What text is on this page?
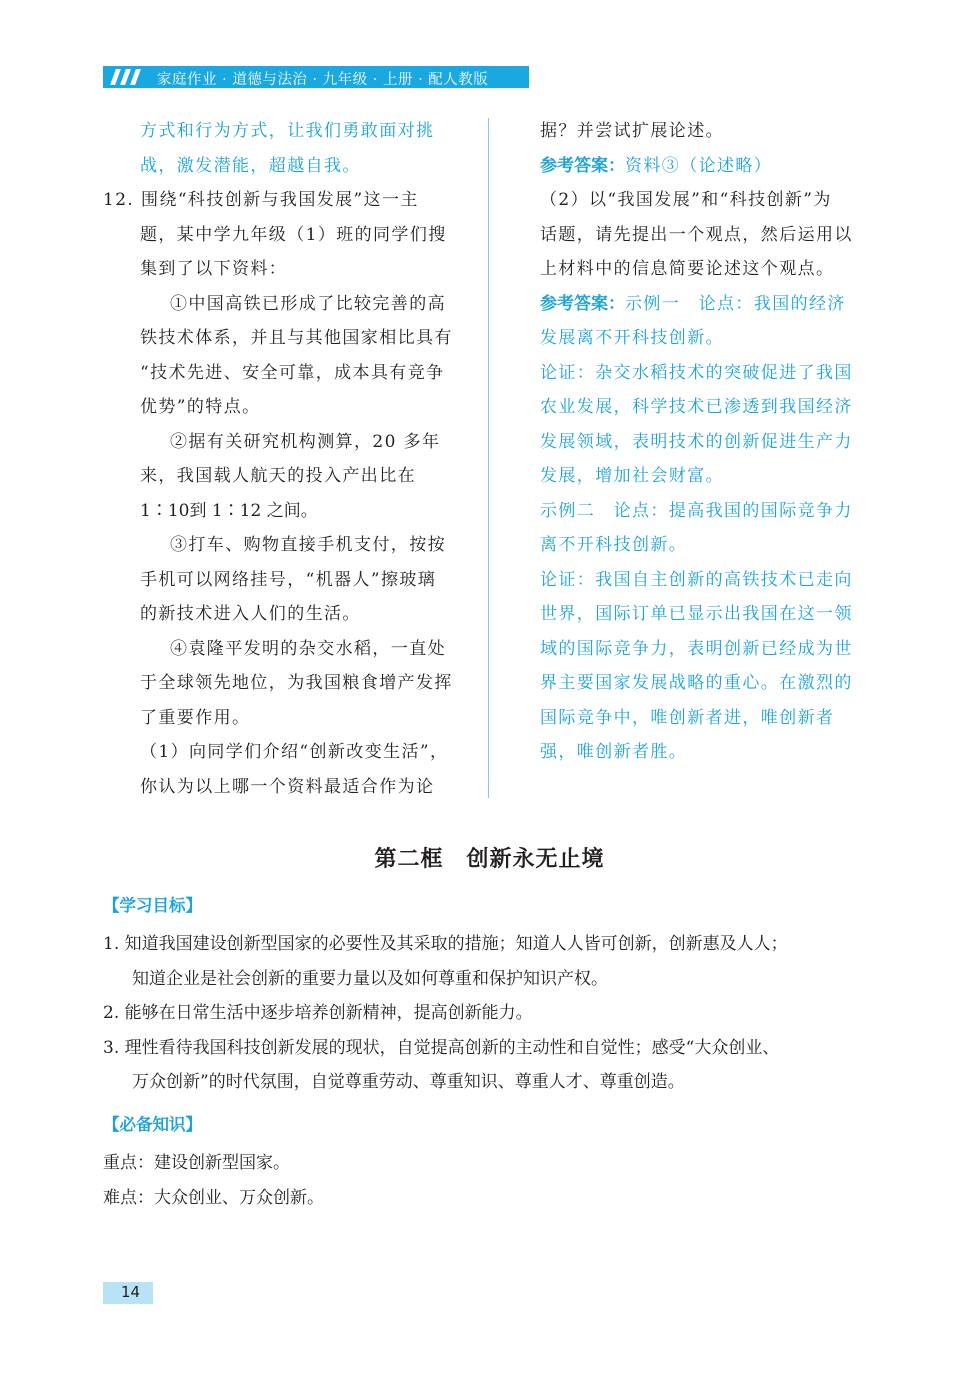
家庭作业 · 道德与法治 · 九年级 · 上册 · 配人教版
方式和行为方式，让我们勇敢面对挑
战，激发潜能，超越自我。
12. 围绕“科技创新与我国发展”这一主
题，某中学九年级（1）班的同学们搜
集到了以下资料：
①中国高铁已形成了比较完善的高
铁技术体系，并且与其他国家相比具有
“技术先进、安全可靠，成本具有竞争
优势”的特点。
②据有关研究机构测算，20 多年
来，我国载人航天的投入产出比在
1∶10到 1∶12 之间。
③打车、购物直接手机支付，按按
手机可以网络挂号，“机器人”擦玻璃
的新技术进入人们的生活。
④袁隆平发明的杂交水稻，一直处
于全球领先地位，为我国粮食增产发挥
了重要作用。
（1）向同学们介绍“创新改变生活”，
你认为以上哪一个资料最适合作为论
据？并尝试扩展论述。
参考答案：资料③（论述略）
（2）以“我国发展”和“科技创新”为
话题，请先提出一个观点，然后运用以
上材料中的信息简要论述这个观点。
参考答案：示例一　论点：我国的经济
发展离不开科技创新。
论证：杂交水稻技术的突破促进了我国
农业发展，科学技术已渗透到我国经济
发展领域，表明技术的创新促进生产力
发展，增加社会财富。
示例二　论点：提高我国的国际竞争力
离不开科技创新。
论证：我国自主创新的高铁技术已走向
世界，国际订单已显示出我国在这一领
域的国际竞争力，表明创新已经成为世
界主要国家发展战略的重心。在激烈的
国际竞争中，唯创新者进，唯创新者
强，唯创新者胜。
第二框　创新永无止境
【学习目标】
1. 知道我国建设创新型国家的必要性及其采取的措施；知道人人皆可创新，创新惠及人人；
知道企业是社会创新的重要力量以及如何尊重和保护知识产权。
2. 能够在日常生活中逐步培养创新精神，提高创新能力。
3. 理性看待我国科技创新发展的现状，自觉提高创新的主动性和自觉性；感受“大众创业、
万众创新”的时代氛围，自觉尊重劳动、尊重知识、尊重人才、尊重创造。
【必备知识】
重点：建设创新型国家。
难点：大众创业、万众创新。
14
